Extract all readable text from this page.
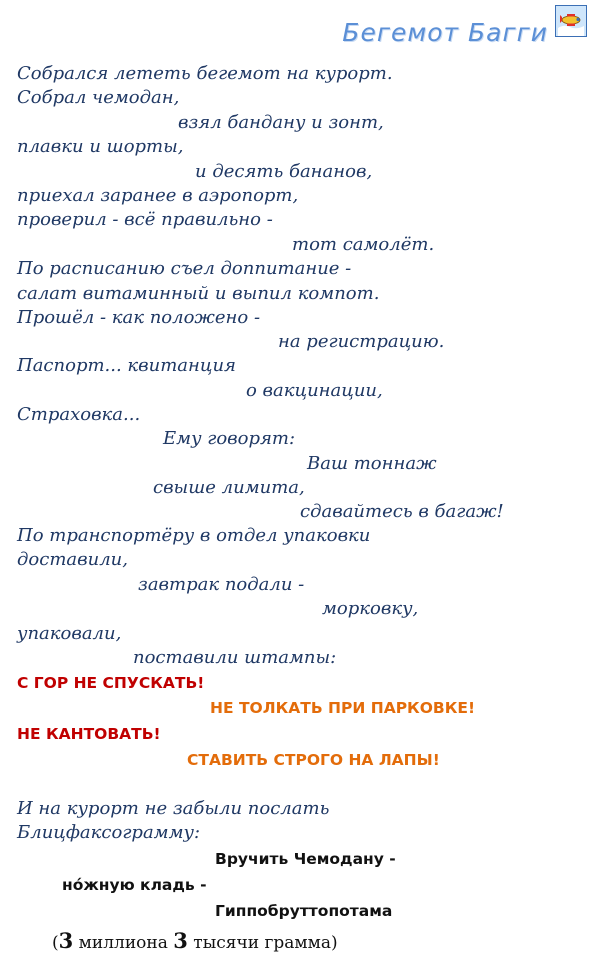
Бегемот Багги
Собрался лететь бегемот на курорт.
Собрал чемодан,
взял бандану и зонт,
плавки и шорты,
и десять бананов,
приехал заранее в аэропорт,
проверил - всё правильно -
тот самолёт.
По расписанию съел доппитание -
салат витаминный и выпил компот.
Прошёл - как положено -
на регистрацию.
Паспорт... квитанция
о вакцинации,
Страховка...
Ему говорят:
Ваш тоннаж
свыше лимита,
сдавайтесь в багаж!
По транспортёру в отдел упаковки
доставили,
завтрак подали -
морковку,
упаковали,
поставили штампы:
С ГОР НЕ СПУСКАТЬ!
НЕ ТОЛКАТЬ ПРИ ПАРКОВКЕ!
НЕ КАНТОВАТЬ!
СТАВИТЬ СТРОГО НА ЛАПЫ!
И на курорт не забыли послать
Блицфаксограмму:
Вручить Чемодану -
нóжную кладь -
Гиппобруттопотама
(3 миллиона 3 тысячи грамма)
